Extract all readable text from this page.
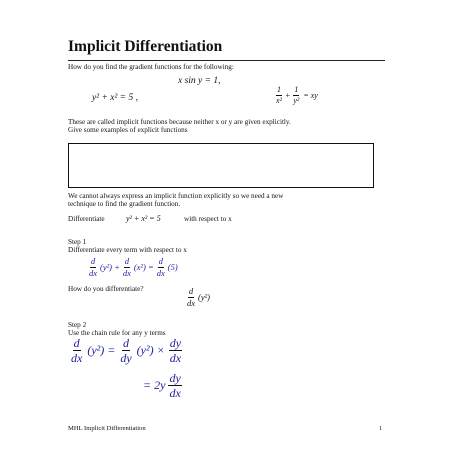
Implicit Differentiation
How do you find the gradient functions for the following:
x sin y = 1,
y² + x² = 5 ,	$\frac{1}{\text{x²}} + \frac{1}{\text{y²}}$ = xy
These are called implicit functions because neither x or y are given explicitly.
Give some examples of explicit functions
We cannot always express an implicit function explicitly so we need a new
technique to find the gradient function.
Differentiate	y² + x² = 5	with respect to x
Step 1
Differentiate every term with respect to x
$\frac{d}{dx} (y^2) + \frac{d}{dx} (x^2) = \frac{d}{dx} (5)$
How do you differentiate?	$\frac{d}{dx} (y^2)$
Step 2
Use the chain rule for any y terms
$\frac{d}{dx} (y^2) = \frac{d}{dy} (y^2) \times \frac{dy}{dx}$
= $2y \frac{dy}{dx}$
MHL Implicit Differentiation	1
